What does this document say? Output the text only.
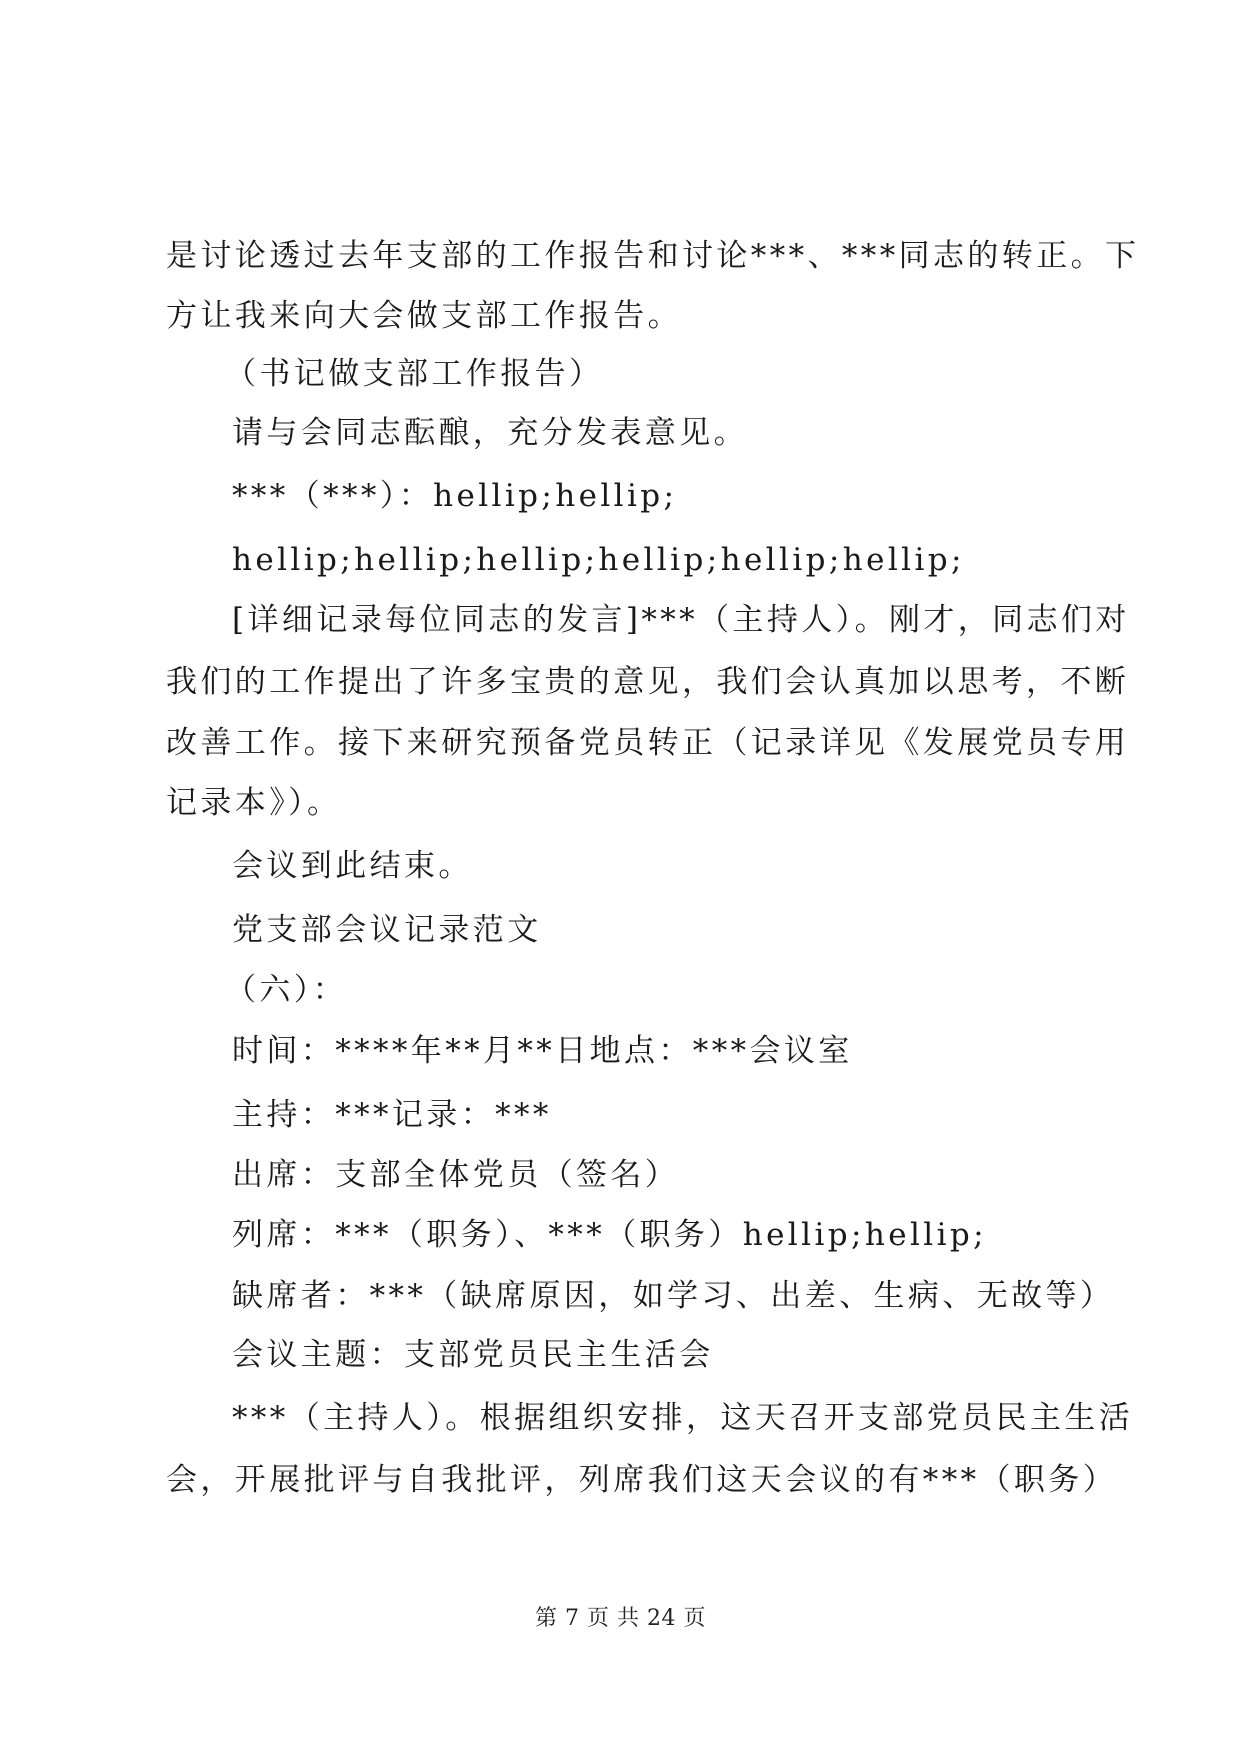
是讨论透过去年支部的工作报告和讨论***、***同志的转正。下
方让我来向大会做支部工作报告。
（书记做支部工作报告）
请与会同志酝酿，充分发表意见。
***（***）：hellip;hellip;
hellip;hellip;hellip;hellip;hellip;hellip;
[详细记录每位同志的发言]***（主持人）。刚才，同志们对
我们的工作提出了许多宝贵的意见，我们会认真加以思考，不断
改善工作。接下来研究预备党员转正（记录详见《发展党员专用
记录本》）。
会议到此结束。
党支部会议记录范文
（六）：
时间：****年**月**日地点：***会议室
主持：***记录：***
出席：支部全体党员（签名）
列席：***（职务）、***（职务）hellip;hellip;
缺席者：***（缺席原因，如学习、出差、生病、无故等）
会议主题：支部党员民主生活会
***（主持人）。根据组织安排，这天召开支部党员民主生活
会，开展批评与自我批评，列席我们这天会议的有***（职务）
第 7 页 共 24 页
